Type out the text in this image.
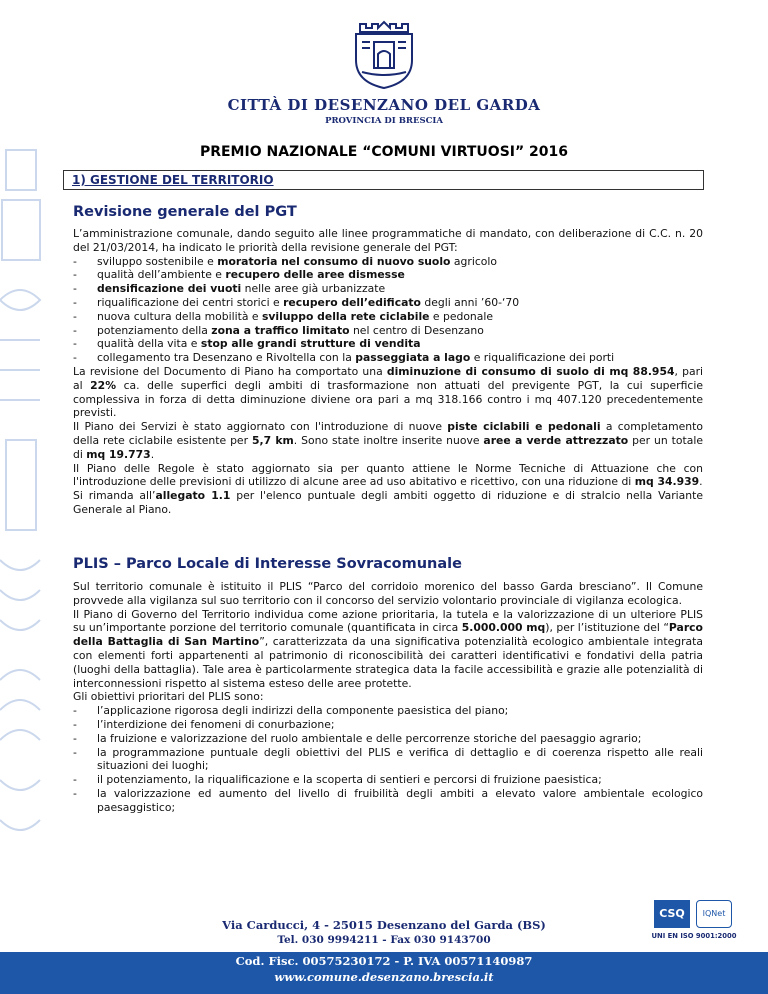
CITTÀ DI DESENZANO DEL GARDA
PROVINCIA DI BRESCIA
PREMIO NAZIONALE “COMUNI VIRTUOSI” 2016
1) GESTIONE DEL TERRITORIO
Revisione generale del PGT

L’amministrazione comunale, dando seguito alle linee programmatiche di mandato, con deliberazione di C.C. n. 20 del 21/03/2014, ha indicato le priorità della revisione generale del PGT:

-	sviluppo sostenibile e moratoria nel consumo di nuovo suolo agricolo
-	qualità dell’ambiente e recupero delle aree dismesse
-	densificazione dei vuoti nelle aree già urbanizzate
-	riqualificazione dei centri storici e recupero dell’edificato degli anni ’60-‘70
-	nuova cultura della mobilità e sviluppo della rete ciclabile e pedonale
-	potenziamento della zona a traffico limitato nel centro di Desenzano
-	qualità della vita e stop alle grandi strutture di vendita
-	collegamento tra Desenzano e Rivoltella con la passeggiata a lago e riqualificazione dei porti

La revisione del Documento di Piano ha comportato una diminuzione di consumo di suolo di mq 88.954, pari al 22% ca. delle superfici degli ambiti di trasformazione non attuati del previgente PGT, la cui superficie complessiva in forza di detta diminuzione diviene ora pari a mq 318.166 contro i mq 407.120 precedentemente previsti.

Il Piano dei Servizi è stato aggiornato con l'introduzione di nuove piste ciclabili e pedonali a completamento della rete ciclabile esistente per 5,7 km. Sono state inoltre inserite nuove aree a verde attrezzato per un totale di mq 19.773.

Il Piano delle Regole è stato aggiornato sia per quanto attiene le Norme Tecniche di Attuazione che con l'introduzione delle previsioni di utilizzo di alcune aree ad uso abitativo e ricettivo, con una riduzione di mq 34.939.

Si rimanda all’allegato 1.1 per l'elenco puntuale degli ambiti oggetto di riduzione e di stralcio nella Variante Generale al Piano.

PLIS – Parco Locale di Interesse Sovracomunale

Sul territorio comunale è istituito il PLIS “Parco del corridoio morenico del basso Garda bresciano”. Il Comune provvede alla vigilanza sul suo territorio con il concorso del servizio volontario provinciale di vigilanza ecologica.

Il Piano di Governo del Territorio individua come azione prioritaria, la tutela e la valorizzazione di un ulteriore PLIS su un’importante porzione del territorio comunale (quantificata in circa 5.000.000 mq), per l’istituzione del “Parco della Battaglia di San Martino”, caratterizzata da una significativa potenzialità ecologico ambientale integrata con elementi forti appartenenti al patrimonio di riconoscibilità dei caratteri identificativi e fondativi della patria (luoghi della battaglia). Tale area è particolarmente strategica data la facile accessibilità e grazie alle potenzialità di interconnessioni rispetto al sistema esteso delle aree protette.

Gli obiettivi prioritari del PLIS sono:

-	l’applicazione rigorosa degli indirizzi della componente paesistica del piano;
-	l’interdizione dei fenomeni di conurbazione;
-	la fruizione e valorizzazione del ruolo ambientale e delle percorrenze storiche del paesaggio agrario;
-	la programmazione puntuale degli obiettivi del PLIS e verifica di dettaglio e di coerenza rispetto alle reali situazioni dei luoghi;
-	il potenziamento, la riqualificazione e la scoperta di sentieri e percorsi di fruizione paesistica;
-	la valorizzazione ed aumento del livello di fruibilità degli ambiti a elevato valore ambientale ecologico paesaggistico;
Via Carducci, 4 - 25015 Desenzano del Garda (BS)
Tel. 030 9994211 - Fax 030 9143700
CSQ	IQNet
UNI EN ISO 9001:2000
Cod. Fisc. 00575230172 - P. IVA 00571140987
www.comune.desenzano.brescia.it
